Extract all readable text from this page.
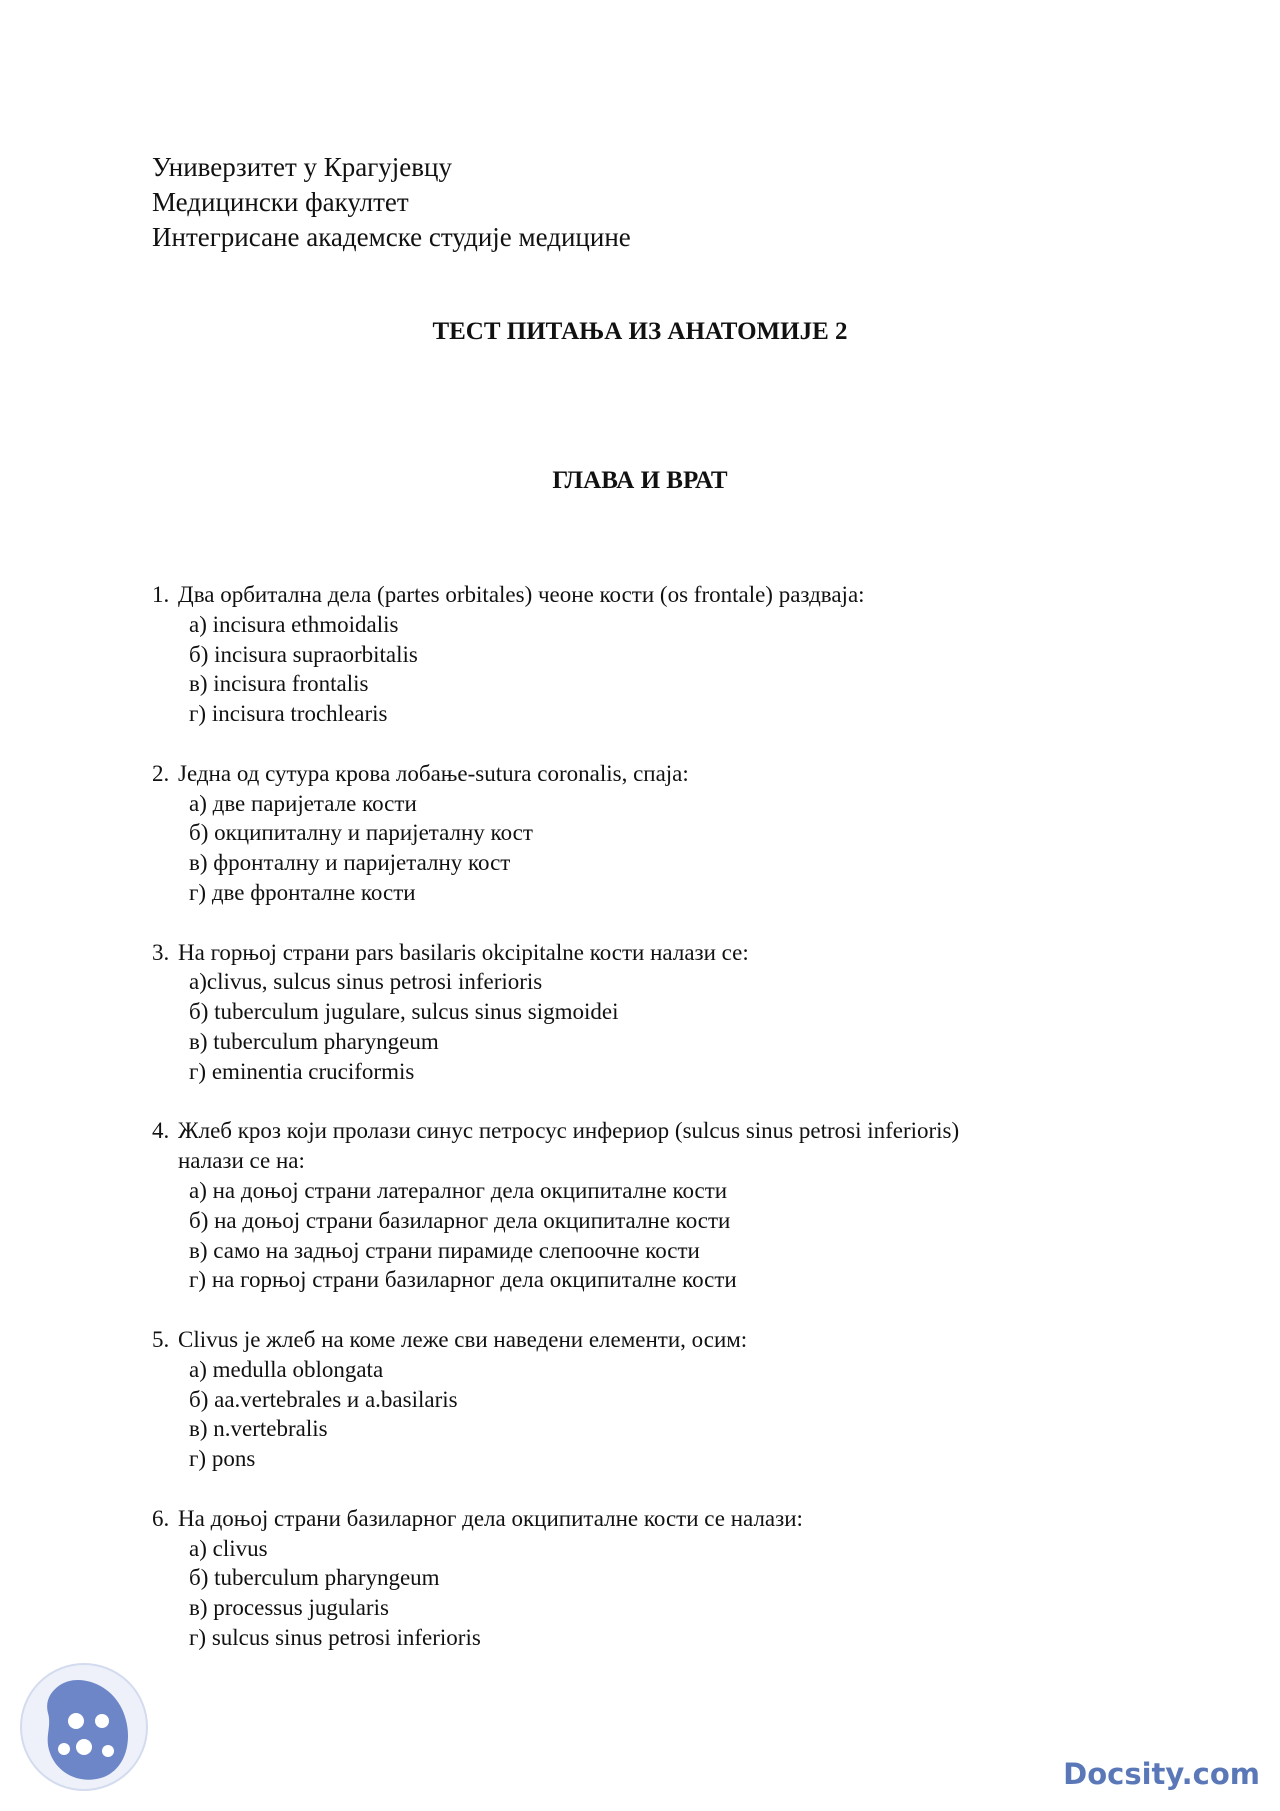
Универзитет у Крагујевцу
Медицински факултет
Интегрисане академске студије медицине
ТЕСТ ПИТАЊА ИЗ АНАТОМИЈЕ 2
ГЛАВА И ВРАТ
1. Два орбитална дела (partes orbitales) чеоне кости (os frontale) раздваја:
а) incisura ethmoidalis
б) incisura supraorbitalis
в) incisura frontalis
г) incisura trochlearis
2. Једна од сутура крова лобање-sutura coronalis, спаја:
а) две паријеталe кости
б) окципиталну и паријеталну кост
в) фронталну и паријеталну кост
г) две фронталне кости
3. На горњој страни pars basilaris okcipitalne кости налази се:
а)clivus, sulcus sinus petrosi inferioris
б) tuberculum jugulare, sulcus sinus sigmoidei
в) tuberculum pharyngeum
г) eminentia cruciformis
4. Жлеб кроз који пролази синус петросус инфериор (sulcus sinus petrosi inferioris)
налази се на:
а) на доњој страни латералног дела окципиталне кости
б) на доњој страни базиларног дела окципиталне кости
в) само на задњој страни пирамиде слепоочне кости
г) на горњој страни базиларног дела окципиталне кости
5. Clivus је жлеб на коме леже сви наведени елементи, осим:
а) medulla oblongata
б) aa.vertebrales и a.basilaris
в) n.vertebralis
г) pons
6. На доњој страни базиларног дела окципиталне кости се налази:
а) clivus
б) tuberculum pharyngeum
в) processus jugularis
г) sulcus sinus petrosi inferioris
Docsity.com
